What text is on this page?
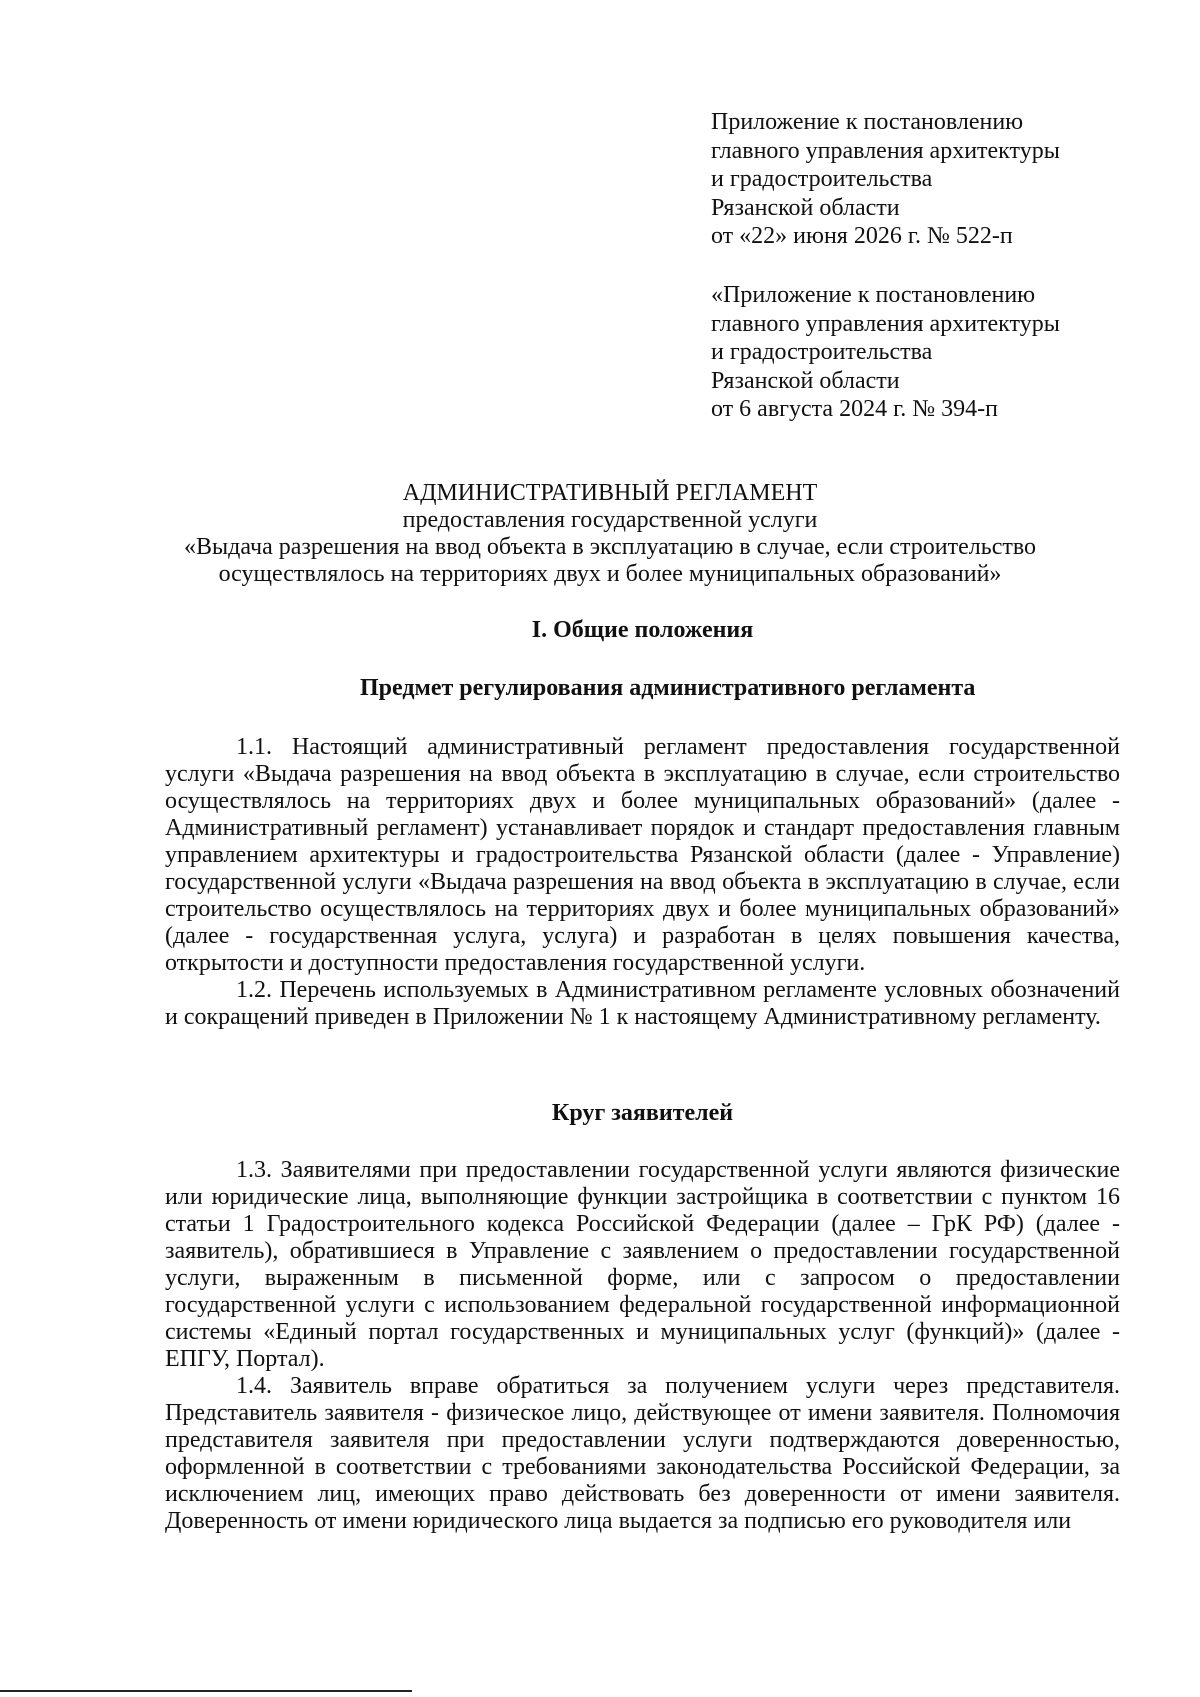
Приложение к постановлению
главного управления архитектуры
и градостроительства
Рязанской области
от «22» июня 2026 г. № 522-п
«Приложение к постановлению
главного управления архитектуры
и градостроительства
Рязанской области
от 6 августа 2024 г. № 394-п
АДМИНИСТРАТИВНЫЙ РЕГЛАМЕНТ
предоставления государственной услуги
«Выдача разрешения на ввод объекта в эксплуатацию в случае, если строительство
осуществлялось на территориях двух и более муниципальных образований»
I. Общие положения
Предмет регулирования административного регламента

1.1. Настоящий административный регламент предоставления государственной услуги «Выдача разрешения на ввод объекта в эксплуатацию в случае, если строительство осуществлялось на территориях двух и более муниципальных образований» (далее - Административный регламент) устанавливает порядок и стандарт предоставления главным управлением архитектуры и градостроительства Рязанской области (далее - Управление) государственной услуги «Выдача разрешения на ввод объекта в эксплуатацию в случае, если строительство осуществлялось на территориях двух и более муниципальных образований» (далее - государственная услуга, услуга) и разработан в целях повышения качества, открытости и доступности предоставления государственной услуги.

1.2. Перечень используемых в Административном регламенте условных обозначений и сокращений приведен в Приложении № 1 к настоящему Административному регламенту.

Круг заявителей

1.3. Заявителями при предоставлении государственной услуги являются физические или юридические лица, выполняющие функции застройщика в соответствии с пунктом 16 статьи 1 Градостроительного кодекса Российской Федерации (далее – ГрК РФ) (далее - заявитель), обратившиеся в Управление с заявлением о предоставлении государственной услуги, выраженным в письменной форме, или с запросом о предоставлении государственной услуги с использованием федеральной государственной информационной системы «Единый портал государственных и муниципальных услуг (функций)» (далее - ЕПГУ, Портал).

1.4. Заявитель вправе обратиться за получением услуги через представителя. Представитель заявителя - физическое лицо, действующее от имени заявителя. Полномочия представителя заявителя при предоставлении услуги подтверждаются доверенностью, оформленной в соответствии с требованиями законодательства Российской Федерации, за исключением лиц, имеющих право действовать без доверенности от имени заявителя. Доверенность от имени юридического лица выдается за подписью его руководителя или
